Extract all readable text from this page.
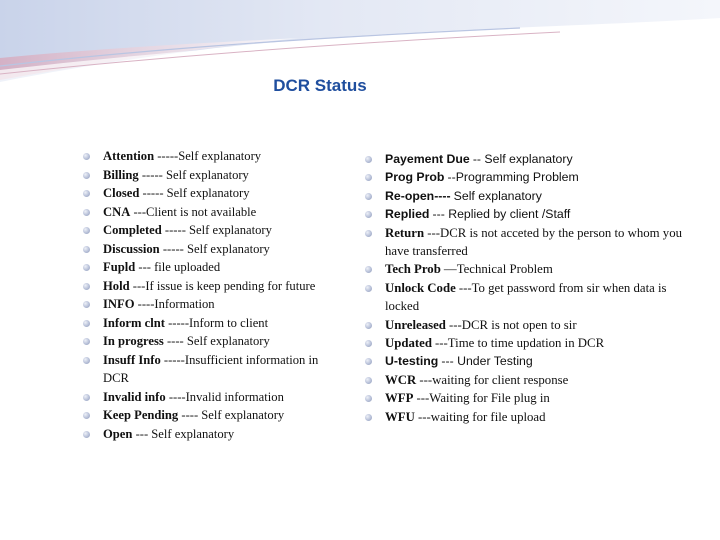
DCR Status
Attention -----Self explanatory
Billing ----- Self explanatory
Closed ----- Self explanatory
CNA ---Client is not available
Completed ----- Self explanatory
Discussion ----- Self explanatory
Fupld --- file uploaded
Hold ---If issue is keep pending for future
INFO ----Information
Inform clnt -----Inform to client
In progress ---- Self explanatory
Insuff Info -----Insufficient information in DCR
Invalid info ----Invalid information
Keep Pending ---- Self explanatory
Open --- Self explanatory
Payement Due -- Self explanatory
Prog Prob --Programming Problem
Re-open---- Self explanatory
Replied --- Replied by client /Staff
Return ---DCR is not acceted by the person to whom you have transferred
Tech Prob —Technical Problem
Unlock Code ---To get password from sir when data is locked
Unreleased ---DCR is not open to sir
Updated ---Time to time updation in DCR
U-testing --- Under Testing
WCR ---waiting for client response
WFP ---Waiting for File plug in
WFU ---waiting for file upload
